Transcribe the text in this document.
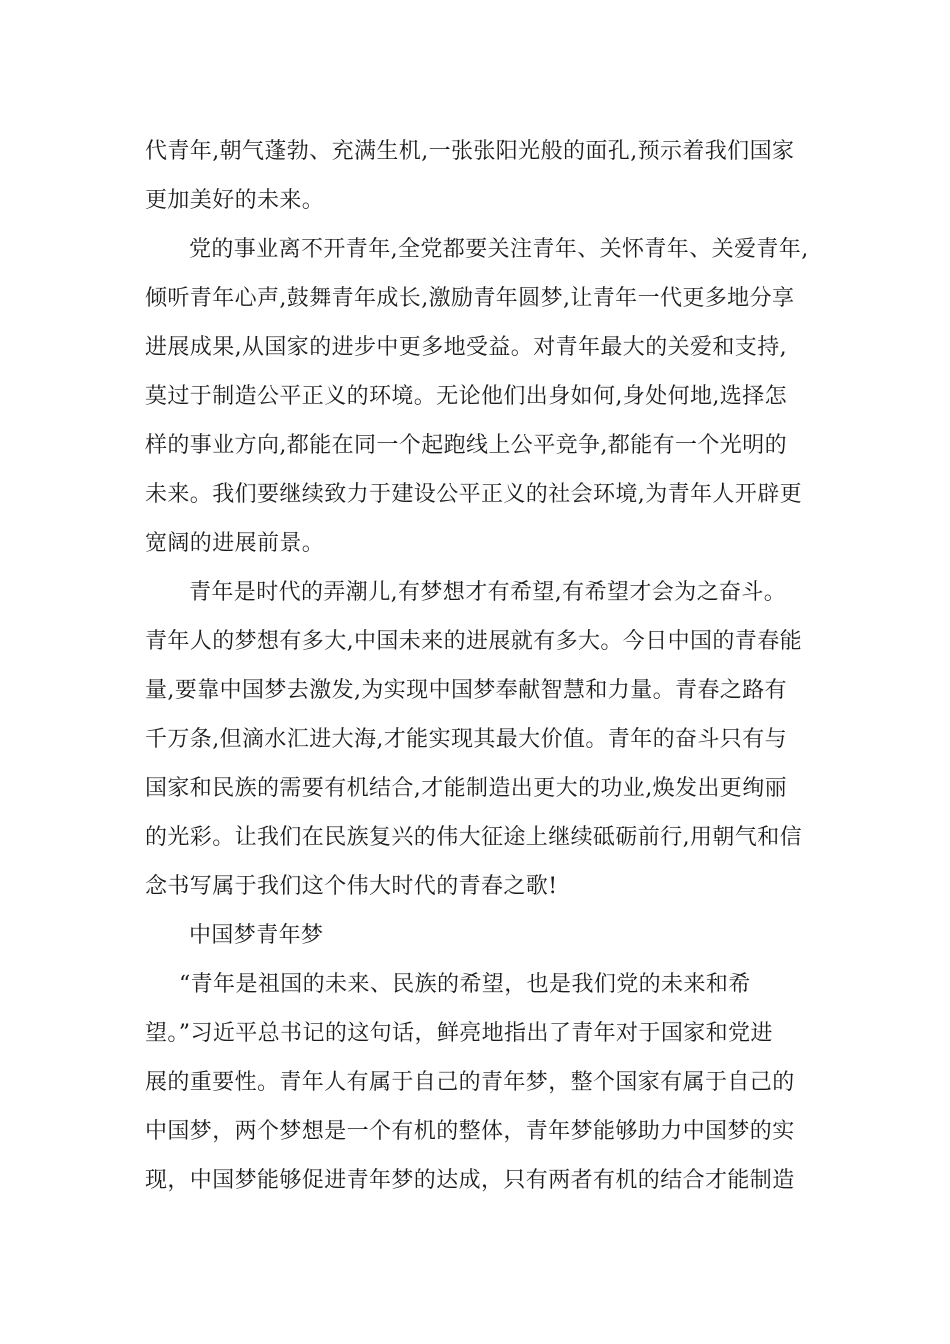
代青年,朝气蓬勃、充满生机,一张张阳光般的面孔,预示着我们国家
更加美好的未来。
党的事业离不开青年,全党都要关注青年、关怀青年、关爱青年,
倾听青年心声,鼓舞青年成长,激励青年圆梦,让青年一代更多地分享
进展成果,从国家的进步中更多地受益。对青年最大的关爱和支持,
莫过于制造公平正义的环境。无论他们出身如何,身处何地,选择怎
样的事业方向,都能在同一个起跑线上公平竞争,都能有一个光明的
未来。我们要继续致力于建设公平正义的社会环境,为青年人开辟更
宽阔的进展前景。
青年是时代的弄潮儿,有梦想才有希望,有希望才会为之奋斗。
青年人的梦想有多大,中国未来的进展就有多大。今日中国的青春能
量,要靠中国梦去激发,为实现中国梦奉献智慧和力量。青春之路有
千万条,但滴水汇进大海,才能实现其最大价值。青年的奋斗只有与
国家和民族的需要有机结合,才能制造出更大的功业,焕发出更绚丽
的光彩。让我们在民族复兴的伟大征途上继续砥砺前行,用朝气和信
念书写属于我们这个伟大时代的青春之歌!
中国梦青年梦
“青年是祖国的未来、民族的希望，也是我们党的未来和希
望。”习近平总书记的这句话，鲜亮地指出了青年对于国家和党进
展的重要性。青年人有属于自己的青年梦，整个国家有属于自己的
中国梦，两个梦想是一个有机的整体，青年梦能够助力中国梦的实
现，中国梦能够促进青年梦的达成，只有两者有机的结合才能制造
